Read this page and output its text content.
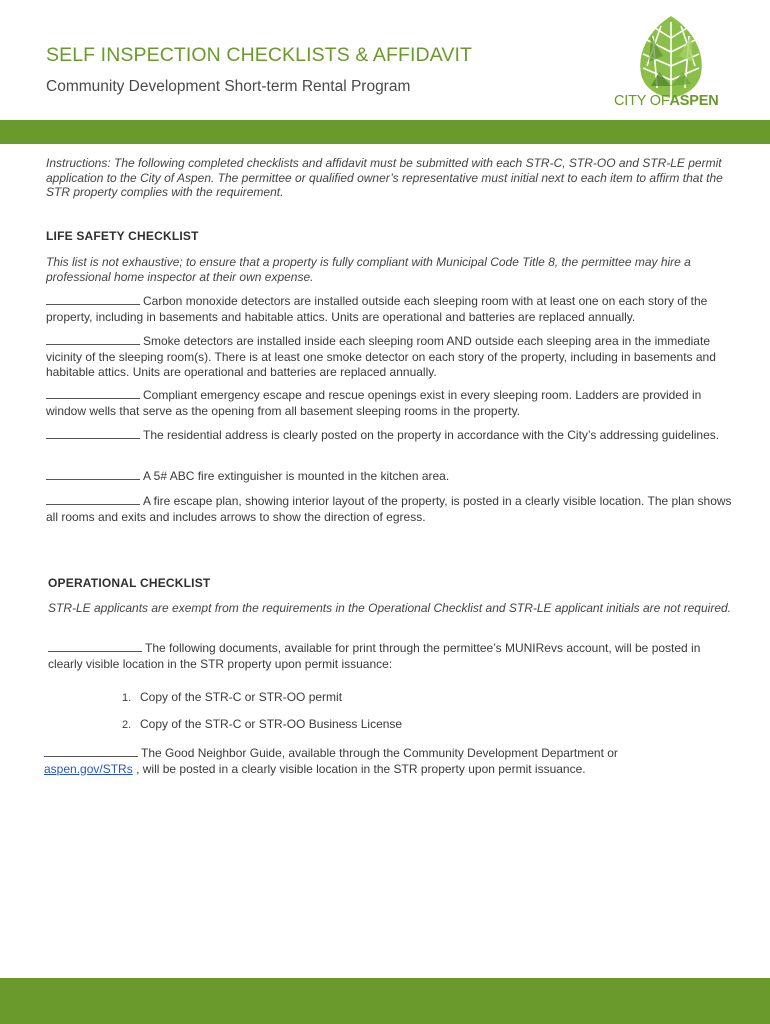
SELF INSPECTION CHECKLISTS & AFFIDAVIT
Community Development Short-term Rental Program
CITY OFASPEN
Instructions: The following completed checklists and affidavit must be submitted with each STR-C, STR-OO and STR-LE permit application to the City of Aspen. The permittee or qualified owner’s representative must initial next to each item to affirm that the STR property complies with the requirement.
LIFE SAFETY CHECKLIST
This list is not exhaustive; to ensure that a property is fully compliant with Municipal Code Title 8, the permittee may hire a professional home inspector at their own expense.
Carbon monoxide detectors are installed outside each sleeping room with at least one on each story of the property, including in basements and habitable attics. Units are operational and batteries are replaced annually.
Smoke detectors are installed inside each sleeping room AND outside each sleeping area in the immediate vicinity of the sleeping room(s). There is at least one smoke detector on each story of the property, including in basements and habitable attics. Units are operational and batteries are replaced annually.
Compliant emergency escape and rescue openings exist in every sleeping room. Ladders are provided in window wells that serve as the opening from all basement sleeping rooms in the property.
The residential address is clearly posted on the property in accordance with the City’s addressing guidelines.
A 5# ABC fire extinguisher is mounted in the kitchen area.
A fire escape plan, showing interior layout of the property, is posted in a clearly visible location. The plan shows all rooms and exits and includes arrows to show the direction of egress.
OPERATIONAL CHECKLIST
STR-LE applicants are exempt from the requirements in the Operational Checklist and STR-LE applicant initials are not required.
The following documents, available for print through the permittee’s MUNIRevs account, will be posted in clearly visible location in the STR property upon permit issuance:
1. Copy of the STR-C or STR-OO permit
2. Copy of the STR-C or STR-OO Business License
The Good Neighbor Guide, available through the Community Development Department or
aspen.gov/STRs , will be posted in a clearly visible location in the STR property upon permit issuance.
